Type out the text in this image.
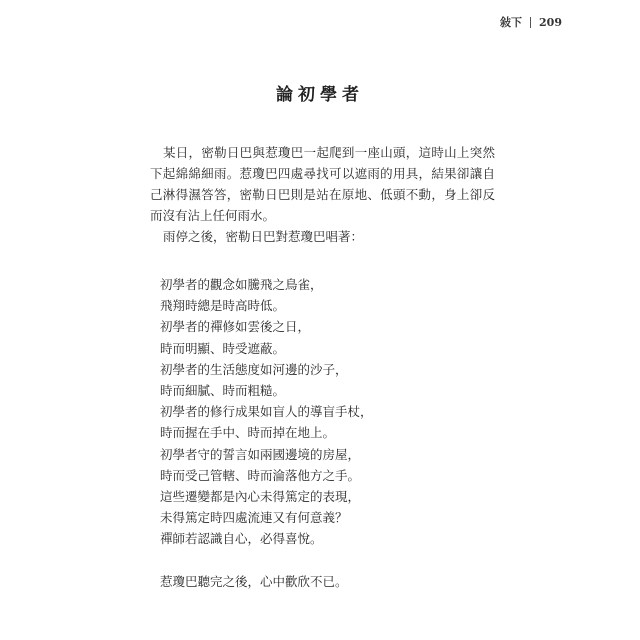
敍下 209
論初學者

某日，密勒日巴與惹瓊巴一起爬到一座山頭，這時山上突然下起綿綿細雨。惹瓊巴四處尋找可以遮雨的用具，結果卻讓自己淋得濕答答，密勒日巴則是站在原地、低頭不動，身上卻反而沒有沾上任何雨水。

雨停之後，密勒日巴對惹瓊巴唱著：

初學者的觀念如騰飛之鳥雀，
飛翔時總是時高時低。
初學者的禪修如雲後之日，
時而明顯、時受遮蔽。
初學者的生活態度如河邊的沙子，
時而細膩、時而粗糙。
初學者的修行成果如盲人的導盲手杖，
時而握在手中、時而掉在地上。
初學者守的誓言如兩國邊境的房屋，
時而受己管轄、時而淪落他方之手。
這些遷變都是內心未得篤定的表現，
未得篤定時四處流連又有何意義？
禪師若認識自心，必得喜悅。
惹瓊巴聽完之後，心中歡欣不已。
